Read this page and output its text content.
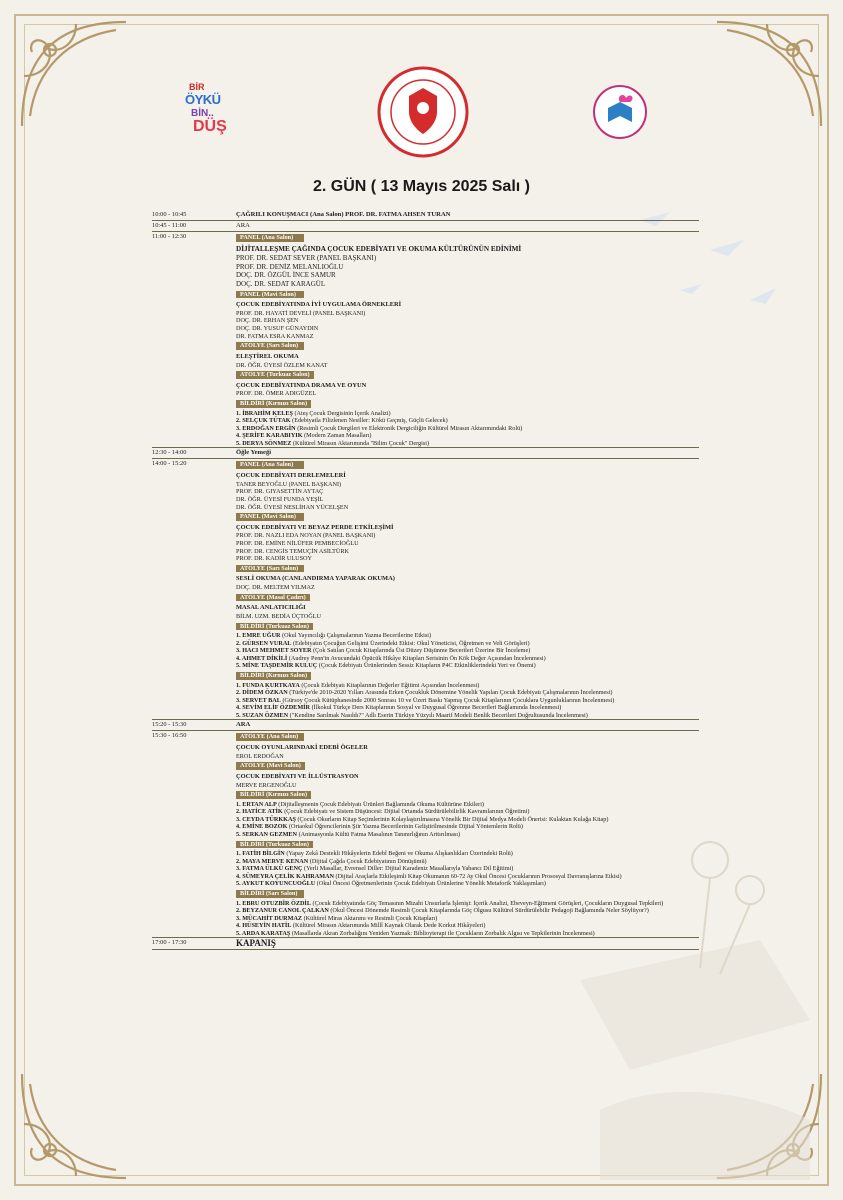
BİR
ÖYKÜ
BİN..
DÜŞ
2. GÜN ( 13 Mayıs 2025 Salı )
10:00 - 10:45	ÇAĞRILI KONUŞMACI (Ana Salon) PROF. DR. FATMA AHSEN TURAN
10:45 - 11:00	ARA
11:00 - 12:30	PANEL (Ana Salon)
DİJİTALLEŞME ÇAĞINDA ÇOCUK EDEBİYATI VE OKUMA KÜLTÜRÜNÜN EDİNİMİ
PROF. DR. SEDAT SEVER (PANEL BAŞKANI)
PROF. DR. DENİZ MELANLIOĞLU
DOÇ. DR. ÖZGÜL İNCE SAMUR
DOÇ. DR. SEDAT KARAGÜL
PANEL (Mavi Salon)
ÇOCUK EDEBİYATINDA İYİ UYGULAMA ÖRNEKLERİ
PROF. DR. HAYATİ DEVELİ (PANEL BAŞKANI)
DOÇ. DR. ERHAN ŞEN
DOÇ. DR. YUSUF GÜNAYDIN
DR. FATMA ESRA KANMAZ
ATÖLYE (Sarı Salon)
ELEŞTİREL OKUMA
DR. ÖĞR. ÜYESİ ÖZLEM KANAT
ATÖLYE (Turkuaz Salon)
ÇOCUK EDEBİYATINDA DRAMA VE OYUN
PROF. DR. ÖMER ADIGÜZEL
BİLDİRİ (Kırmızı Salon)
1. İBRAHİM KELEŞ (Ateş Çocuk Dergisinin İçerik Analizi)
2. SELÇUK TÜTAK (Edebiyatla Filizlenen Nesiller: Kökü Geçmiş, Güçlü Gelecek)
3. ERDOĞAN ERGİN (Resimli Çocuk Dergileri ve Elektronik Dergiciliğin Kültürel Mirasın Aktarımındaki Rolü)
4. ŞERİFE KARABIYIK (Modern Zaman Masalları)
5. DERYA SÖNMEZ (Kültürel Mirasın Aktarımında "Bilim Çocuk" Dergisi)
12:30 - 14:00	Öğle Yemeği
14:00 - 15:20	PANEL (Ana Salon)
ÇOCUK EDEBİYATI DERLEMELERİ
TANER BEYOĞLU (PANEL BAŞKANI)
PROF. DR. GIYASETTİN AYTAÇ
DR. ÖĞR. ÜYESİ FUNDA YEŞİL
DR. ÖĞR. ÜYESİ NESLİHAN YÜCELŞEN
PANEL (Mavi Salon)
ÇOCUK EDEBİYATI VE BEYAZ PERDE ETKİLEŞİMİ
PROF. DR. NAZLI EDA NOYAN (PANEL BAŞKANI)
PROF. DR. EMİNE NİLÜFER PEMBECİOĞLU
PROF. DR. CENGİS TEMUÇİN ASİLTÜRK
PROF. DR. KADİR ULUSOY
ATÖLYE (Sarı Salon)
SESLİ OKUMA (CANLANDIRMA YAPARAK OKUMA)
DOÇ. DR. MELTEM YILMAZ
ATÖLYE (Masal Çadırı)
MASAL ANLATICILIĞI
BİLM. UZM. BEDİA ÜÇTOĞLU
BİLDİRİ (Turkuaz Salon)
1. EMRE UĞUR (Okul Yayıncılığı Çalışmalarının Yazma Becerilerine Etkisi)
2. GÜRSEN VURAL (Edebiyatın Çocuğun Gelişimi Üzerindeki Etkisi: Okul Yöneticisi, Öğretmen ve Veli Görüşleri)
3. HACI MEHMET SOYER (Çok Satılan Çocuk Kitaplarında Üst Düzey Düşünme Becerileri Üzerine Bir İnceleme)
4. AHMET DİKİLİ (Audrey Penn'in Avucundaki Öpücük Hikâye Kitapları Serisinin Ön Kök Değer Açısından İncelenmesi)
5. MİNE TAŞDEMİR KULUÇ (Çocuk Edebiyatı Ürünlerinden Sessiz Kitapların P4C Etkinliklerindeki Yeri ve Önemi)
BİLDİRİ (Kırmızı Salon)
1. FUNDA KURTKAYA (Çocuk Edebiyatı Kitaplarının Değerler Eğitimi Açısından İncelenmesi)
2. DİDEM ÖZKAN (Türkiye'de 2010-2020 Yılları Arasında Erken Çocukluk Dönemine Yönelik Yapılan Çocuk Edebiyatı Çalışmalarının İncelenmesi)
3. SERVET BAL (Gürsoy Çocuk Kütüphanesinde 2000 Sonrası 10 ve Üzeri Baskı Yapmış Çocuk Kitaplarının Çocuklara Uygunluklarının İncelenmesi)
4. SEVİM ELİF ÖZDEMİR (İlkokul Türkçe Ders Kitaplarının Sosyal ve Duygusal Öğrenme Becerileri Bağlamında İncelenmesi)
5. SUZAN ÖZMEN ("Kendine Sarılmak Nasıldı?" Adlı Eserin Türkiye Yüzyılı Maarif Modeli Benlik Becerileri Doğrultusunda İncelenmesi)
15:20 - 15:30	ARA
15:30 - 16:50	ATÖLYE (Ana Salon)
ÇOCUK OYUNLARINDAKİ EDEBİ ÖGELER
EROL ERDOĞAN
ATÖLYE (Mavi Salon)
ÇOCUK EDEBİYATI VE İLLÜSTRASYON
MERVE ERGENOĞLU
BİLDİRİ (Kırmızı Salon)
1. ERTAN ALP (Dijitalleşmenin Çocuk Edebiyatı Ürünleri Bağlamında Okuma Kültürüne Etkileri)
2. HATİCE ATİK (Çocuk Edebiyatı ve Sistem Düşüncesi: Dijital Ortamda Sürdürülebilirlik Kavramlarının Öğretimi)
3. CEYDA TÜRKKAŞ (Çocuk Okurların Kitap Seçimlerinin Kolaylaştırılmasına Yönelik Bir Dijital Medya Modeli Önerisi: Kulaktan Kulağa Kitap)
4. EMİNE BOZOK (Ortaokul Öğrencilerinin Şiir Yazma Becerilerinin Geliştirilmesinde Dijital Yöntemlerin Rolü)
5. SERKAN GEZMEN (Animasyonla Kültü Fatma Masalının Tanınırlığının Arttırılması)
BİLDİRİ (Turkuaz Salon)
1. FATİH BİLGİN (Yapay Zekâ Destekli Hikâyelerin Edebî Beğeni ve Okuma Alışkanlıkları Üzerindeki Rolü)
2. MAYA MERVE KENAN (Dijital Çağda Çocuk Edebiyatının Dönüşümü)
3. FATMA ÜLKÜ GENÇ (Yerli Masallar, Evrensel Diller: Dijital Karadeniz Masallarıyla Yabancı Dil Eğitimi)
4. SÜMEYRA ÇELİK KAHRAMAN (Dijital Araçlarla Etkileşimli Kitap Okumanın 60-72 Ay Okul Öncesi Çocuklarının Prososyal Davranışlarına Etkisi)
5. AYKUT KOYUNCUOĞLU (Okul Öncesi Öğretmenlerinin Çocuk Edebiyatı Ürünlerine Yönelik Metaforik Yaklaşımları)
BİLDİRİ (Sarı Salon)
1. EBRU OTUZBİR ÖZDİL (Çocuk Edebiyatında Göç Temasının Mizahi Unsurlarla İşlenişi: İçerik Analizi, Ebeveyn-Eğitmeni Görüşleri, Çocukların Duygusal Tepkileri)
2. BEYZANUR CANOL ÇALKAN (Okul Öncesi Dönemde Resimli Çocuk Kitaplarında Göç Olgusu Kültürel Sürdürülebilir Pedagoji Bağlamında Neler Söylüyor?)
3. MÜCAHİT DURMAZ (Kültürel Miras Aktarımı ve Resimli Çocuk Kitapları)
4. HÜSEYİN HATİL (Kültürel Mirasın Aktarımında Millî Kaynak Olarak Dede Korkut Hikâyeleri)
5. ARDA KARATAŞ (Masallarda Akran Zorbalığını Yeniden Yazmak: Biblioyterapi ile Çocukların Zorbalık Algısı ve Tepkilerinin İncelenmesi)
17:00 - 17:30	KAPANIŞ
